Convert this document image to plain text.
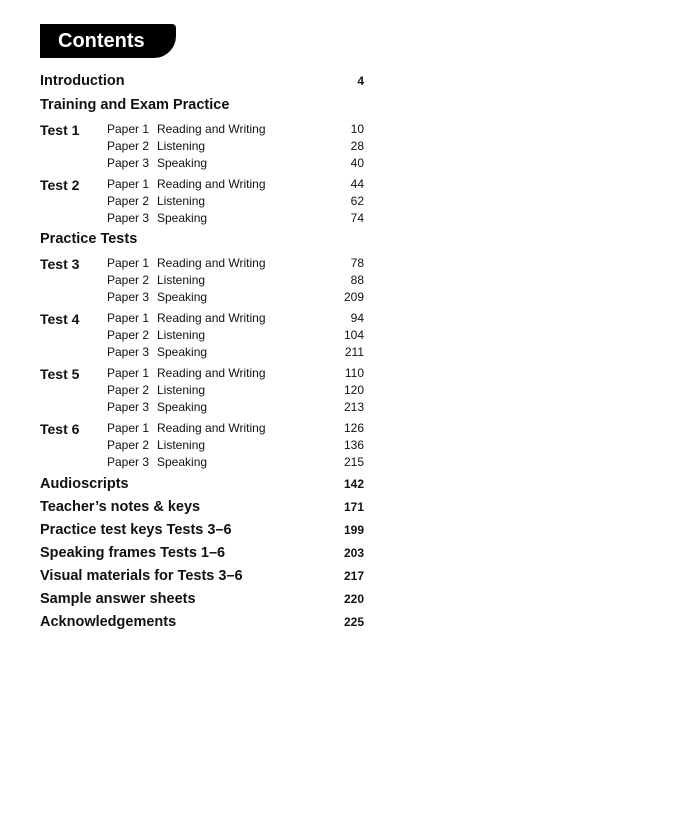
Contents
Introduction	4
Training and Exam Practice
Test 1	Paper 1 Reading and Writing	10
Paper 2 Listening	28
Paper 3 Speaking	40
Test 2	Paper 1 Reading and Writing	44
Paper 2 Listening	62
Paper 3 Speaking	74
Practice Tests
Test 3	Paper 1 Reading and Writing	78
Paper 2 Listening	88
Paper 3 Speaking	209
Test 4	Paper 1 Reading and Writing	94
Paper 2 Listening	104
Paper 3 Speaking	211
Test 5	Paper 1 Reading and Writing	110
Paper 2 Listening	120
Paper 3 Speaking	213
Test 6	Paper 1 Reading and Writing	126
Paper 2 Listening	136
Paper 3 Speaking	215
Audioscripts	142
Teacher’s notes & keys	171
Practice test keys Tests 3–6	199
Speaking frames Tests 1–6	203
Visual materials for Tests 3–6	217
Sample answer sheets	220
Acknowledgements	225
